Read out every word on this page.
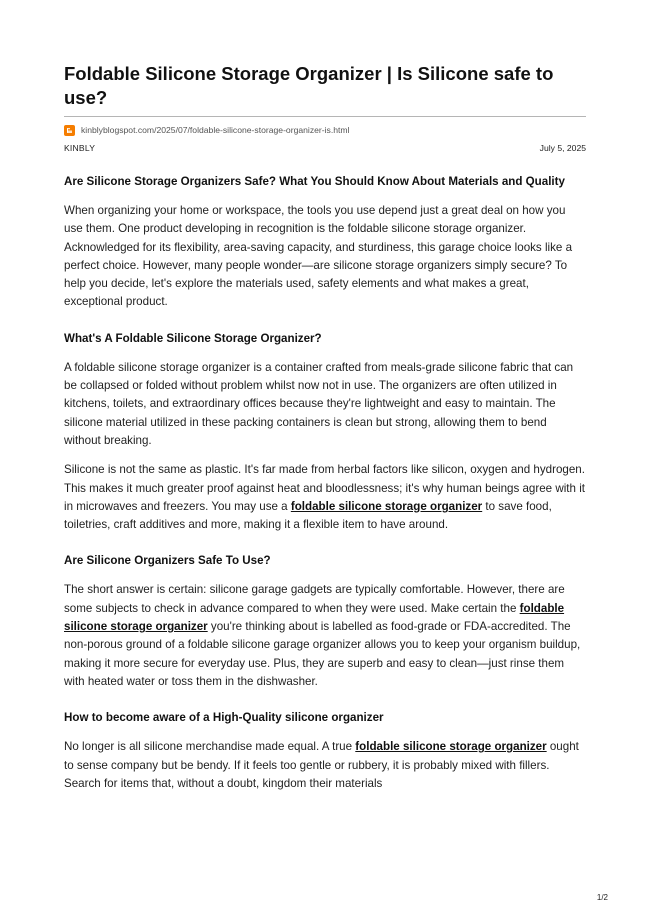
Foldable Silicone Storage Organizer | Is Silicone safe to use?
kinblyblogspot.com/2025/07/foldable-silicone-storage-organizer-is.html
KINBLY	July 5, 2025
Are Silicone Storage Organizers Safe? What You Should Know About Materials and Quality

When organizing your home or workspace, the tools you use depend just a great deal on how you use them. One product developing in recognition is the foldable silicone storage organizer. Acknowledged for its flexibility, area-saving capacity, and sturdiness, this garage choice looks like a perfect choice. However, many people wonder—are silicone storage organizers simply secure? To help you decide, let's explore the materials used, safety elements and what makes a great, exceptional product.

What's A Foldable Silicone Storage Organizer?

A foldable silicone storage organizer is a container crafted from meals-grade silicone fabric that can be collapsed or folded without problem whilst now not in use. The organizers are often utilized in kitchens, toilets, and extraordinary offices because they're lightweight and easy to maintain. The silicone material utilized in these packing containers is clean but strong, allowing them to bend without breaking.

Silicone is not the same as plastic. It's far made from herbal factors like silicon, oxygen and hydrogen. This makes it much greater proof against heat and bloodlessness; it's why human beings agree with it in microwaves and freezers. You may use a foldable silicone storage organizer to save food, toiletries, craft additives and more, making it a flexible item to have around.

Are Silicone Organizers Safe To Use?

The short answer is certain: silicone garage gadgets are typically comfortable. However, there are some subjects to check in advance compared to when they were used. Make certain the foldable silicone storage organizer you're thinking about is labelled as food-grade or FDA-accredited. The non-porous ground of a foldable silicone garage organizer allows you to keep your organism buildup, making it more secure for everyday use. Plus, they are superb and easy to clean—just rinse them with heated water or toss them in the dishwasher.

How to become aware of a High-Quality silicone organizer

No longer is all silicone merchandise made equal. A true foldable silicone storage organizer ought to sense company but be bendy. If it feels too gentle or rubbery, it is probably mixed with fillers. Search for items that, without a doubt, kingdom their materials

1/2
